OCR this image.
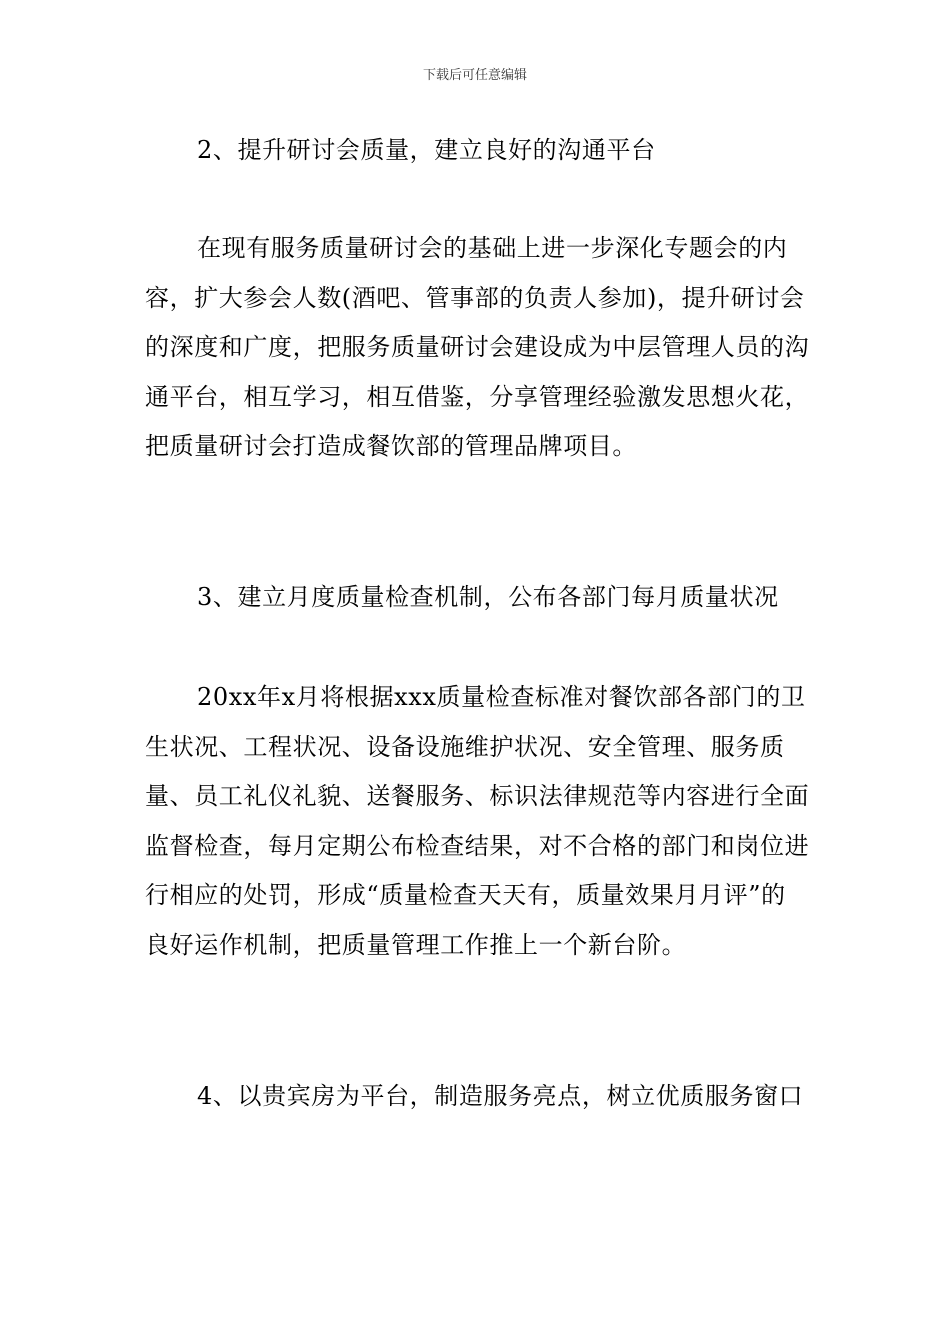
下载后可任意编辑

2、提升研讨会质量，建立良好的沟通平台

在现有服务质量研讨会的基础上进一步深化专题会的内容，扩大参会人数(酒吧、管事部的负责人参加)，提升研讨会的深度和广度，把服务质量研讨会建设成为中层管理人员的沟通平台，相互学习，相互借鉴，分享管理经验激发思想火花，把质量研讨会打造成餐饮部的管理品牌项目。

3、建立月度质量检查机制，公布各部门每月质量状况

20xx年x月将根据xxx质量检查标准对餐饮部各部门的卫生状况、工程状况、设备设施维护状况、安全管理、服务质量、员工礼仪礼貌、送餐服务、标识法律规范等内容进行全面监督检查，每月定期公布检查结果，对不合格的部门和岗位进行相应的处罚，形成“质量检查天天有，质量效果月月评”的良好运作机制，把质量管理工作推上一个新台阶。

4、以贵宾房为平台，制造服务亮点，树立优质服务窗口
